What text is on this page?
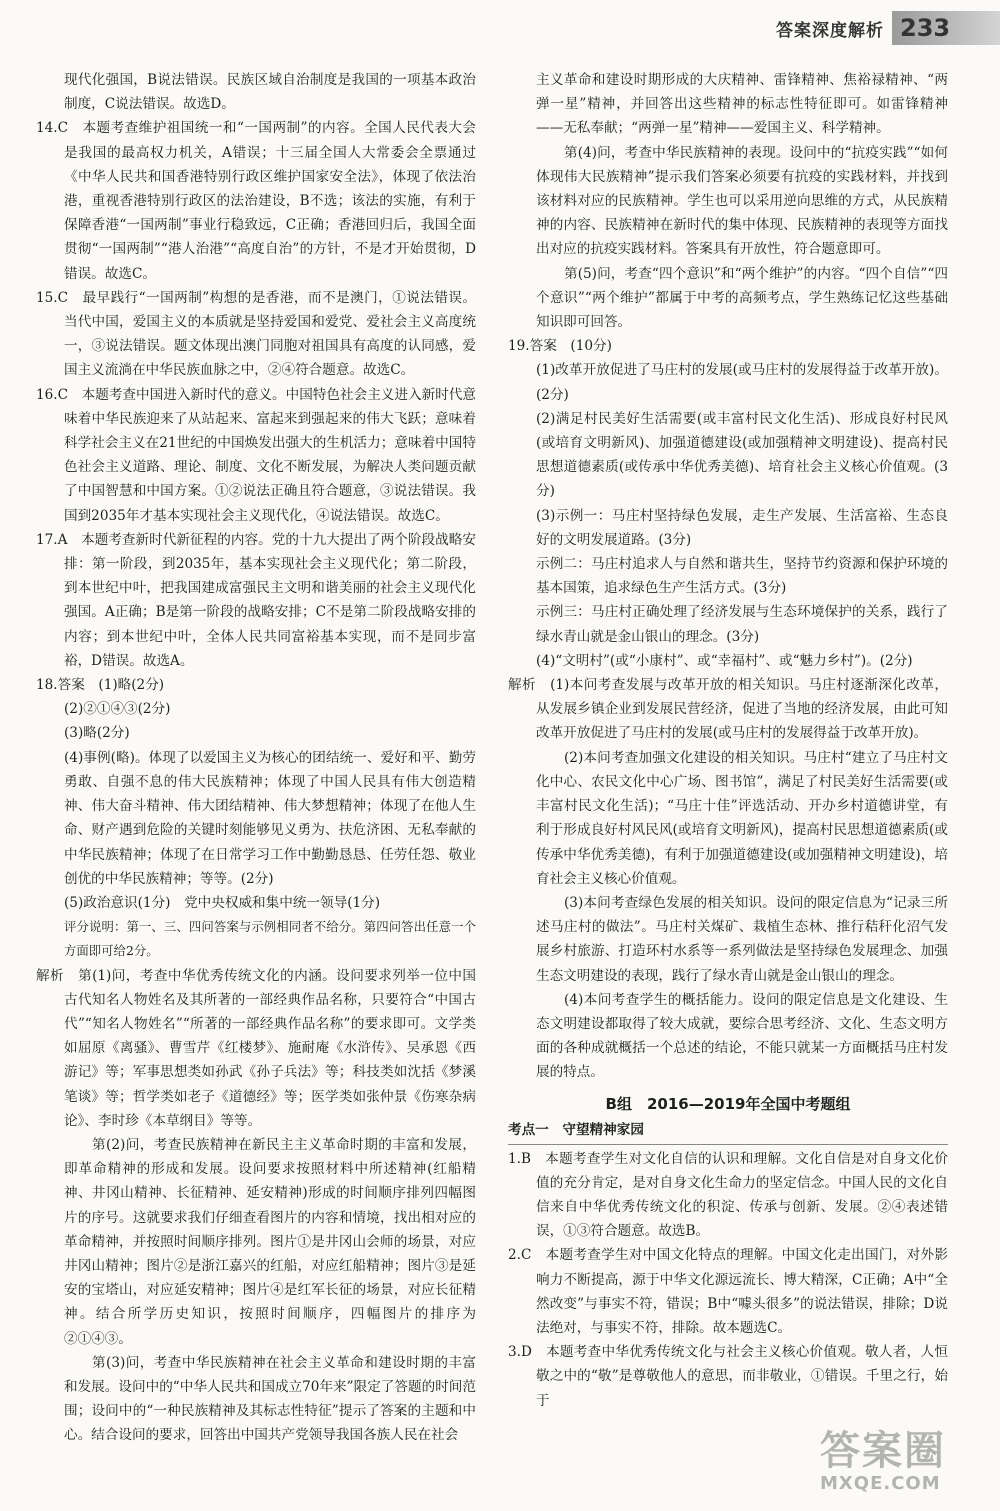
答案深度解析 233

现代化强国，B说法错误。民族区域自治制度是我国的一项基本政治制度，C说法错误。故选D。

14.C　本题考查维护祖国统一和“一国两制”的内容。全国人民代表大会是我国的最高权力机关，A错误；十三届全国人大常委会全票通过《中华人民共和国香港特别行政区维护国家安全法》，体现了依法治港，重视香港特别行政区的法治建设，B不选；该法的实施，有利于保障香港“一国两制”事业行稳致远，C正确；香港回归后，我国全面贯彻“一国两制”“港人治港”“高度自治”的方针，不是才开始贯彻，D错误。故选C。

15.C　最早践行“一国两制”构想的是香港，而不是澳门，①说法错误。当代中国，爱国主义的本质就是坚持爱国和爱党、爱社会主义高度统一，③说法错误。题文体现出澳门同胞对祖国具有高度的认同感，爱国主义流淌在中华民族血脉之中，②④符合题意。故选C。

16.C　本题考查中国进入新时代的意义。中国特色社会主义进入新时代意味着中华民族迎来了从站起来、富起来到强起来的伟大飞跃；意味着科学社会主义在21世纪的中国焕发出强大的生机活力；意味着中国特色社会主义道路、理论、制度、文化不断发展，为解决人类问题贡献了中国智慧和中国方案。①②说法正确且符合题意，③说法错误。我国到2035年才基本实现社会主义现代化，④说法错误。故选C。

17.A　本题考查新时代新征程的内容。党的十九大提出了两个阶段战略安排：第一阶段，到2035年，基本实现社会主义现代化；第二阶段，到本世纪中叶，把我国建成富强民主文明和谐美丽的社会主义现代化强国。A正确；B是第一阶段的战略安排；C不是第二阶段战略安排的内容；到本世纪中叶，全体人民共同富裕基本实现，而不是同步富裕，D错误。故选A。

18.答案　(1)略(2分)

(2)②①④③(2分)

(3)略(2分)

(4)事例(略)。体现了以爱国主义为核心的团结统一、爱好和平、勤劳勇敢、自强不息的伟大民族精神；体现了中国人民具有伟大创造精神、伟大奋斗精神、伟大团结精神、伟大梦想精神；体现了在他人生命、财产遇到危险的关键时刻能够见义勇为、扶危济困、无私奉献的中华民族精神；体现了在日常学习工作中勤勤恳恳、任劳任怨、敬业创优的中华民族精神；等等。(2分)

(5)政治意识(1分)　党中央权威和集中统一领导(1分)

评分说明：第一、三、四问答案与示例相同者不给分。第四问答出任意一个方面即可给2分。

解析　第(1)问，考查中华优秀传统文化的内涵。设问要求列举一位中国古代知名人物姓名及其所著的一部经典作品名称，只要符合“中国古代”“知名人物姓名”“所著的一部经典作品名称”的要求即可。文学类如屈原《离骚》、曹雪芹《红楼梦》、施耐庵《水浒传》、吴承恩《西游记》等；军事思想类如孙武《孙子兵法》等；科技类如沈括《梦溪笔谈》等；哲学类如老子《道德经》等；医学类如张仲景《伤寒杂病论》、李时珍《本草纲目》等等。

第(2)问，考查民族精神在新民主主义革命时期的丰富和发展，即革命精神的形成和发展。设问要求按照材料中所述精神(红船精神、井冈山精神、长征精神、延安精神)形成的时间顺序排列四幅图片的序号。这就要求我们仔细查看图片的内容和情境，找出相对应的革命精神，并按照时间顺序排列。图片①是井冈山会师的场景，对应井冈山精神；图片②是浙江嘉兴的红船，对应红船精神；图片③是延安的宝塔山，对应延安精神；图片④是红军长征的场景，对应长征精神。结合所学历史知识，按照时间顺序，四幅图片的排序为②①④③。

第(3)问，考查中华民族精神在社会主义革命和建设时期的丰富和发展。设问中的“中华人民共和国成立70年来”限定了答题的时间范围；设问中的“一种民族精神及其标志性特征”提示了答案的主题和中心。结合设问的要求，回答出中国共产党领导我国各族人民在社会

主义革命和建设时期形成的大庆精神、雷锋精神、焦裕禄精神、“两弹一星”精神，并回答出这些精神的标志性特征即可。如雷锋精神——无私奉献；“两弹一星”精神——爱国主义、科学精神。

第(4)问，考查中华民族精神的表现。设问中的“抗疫实践”“如何体现伟大民族精神”提示我们答案必须要有抗疫的实践材料，并找到该材料对应的民族精神。学生也可以采用逆向思维的方式，从民族精神的内容、民族精神在新时代的集中体现、民族精神的表现等方面找出对应的抗疫实践材料。答案具有开放性，符合题意即可。

第(5)问，考查“四个意识”和“两个维护”的内容。“四个自信”“四个意识”“两个维护”都属于中考的高频考点，学生熟练记忆这些基础知识即可回答。

19.答案　(10分)

(1)改革开放促进了马庄村的发展(或马庄村的发展得益于改革开放)。(2分)

(2)满足村民美好生活需要(或丰富村民文化生活)、形成良好村民风(或培育文明新风)、加强道德建设(或加强精神文明建设)、提高村民思想道德素质(或传承中华优秀美德)、培育社会主义核心价值观。(3分)

(3)示例一：马庄村坚持绿色发展，走生产发展、生活富裕、生态良好的文明发展道路。(3分)

示例二：马庄村追求人与自然和谐共生，坚持节约资源和保护环境的基本国策，追求绿色生产生活方式。(3分)

示例三：马庄村正确处理了经济发展与生态环境保护的关系，践行了绿水青山就是金山银山的理念。(3分)

(4)“文明村”(或“小康村”、或“幸福村”、或“魅力乡村”)。(2分)

解析　(1)本问考查发展与改革开放的相关知识。马庄村逐渐深化改革，从发展乡镇企业到发展民营经济，促进了当地的经济发展，由此可知改革开放促进了马庄村的发展(或马庄村的发展得益于改革开放)。

(2)本问考查加强文化建设的相关知识。马庄村“建立了马庄村文化中心、农民文化中心广场、图书馆”，满足了村民美好生活需要(或丰富村民文化生活)；“马庄十佳”评选活动、开办乡村道德讲堂，有利于形成良好村风民风(或培育文明新风)，提高村民思想道德素质(或传承中华优秀美德)，有利于加强道德建设(或加强精神文明建设)，培育社会主义核心价值观。

(3)本问考查绿色发展的相关知识。设问的限定信息为“记录三所述马庄村的做法”。马庄村关煤矿、栽植生态林、推行秸秆化沼气发展乡村旅游、打造环村水系等一系列做法是坚持绿色发展理念、加强生态文明建设的表现，践行了绿水青山就是金山银山的理念。

(4)本问考查学生的概括能力。设问的限定信息是文化建设、生态文明建设都取得了较大成就，要综合思考经济、文化、生态文明方面的各种成就概括一个总述的结论，不能只就某一方面概括马庄村发展的特点。

B组　2016—2019年全国中考题组
考点一　守望精神家园

1.B　本题考查学生对文化自信的认识和理解。文化自信是对自身文化价值的充分肯定，是对自身文化生命力的坚定信念。中国人民的文化自信来自中华优秀传统文化的积淀、传承与创新、发展。②④表述错误，①③符合题意。故选B。

2.C　本题考查学生对中国文化特点的理解。中国文化走出国门，对外影响力不断提高，源于中华文化源远流长、博大精深，C正确；A中“全然改变”与事实不符，错误；B中“噱头很多”的说法错误，排除；D说法绝对，与事实不符，排除。故本题选C。

3.D　本题考查中华优秀传统文化与社会主义核心价值观。敬人者，人恒敬之中的“敬”是尊敬他人的意思，而非敬业，①错误。千里之行，始于

答案圈
MXQE.COM
